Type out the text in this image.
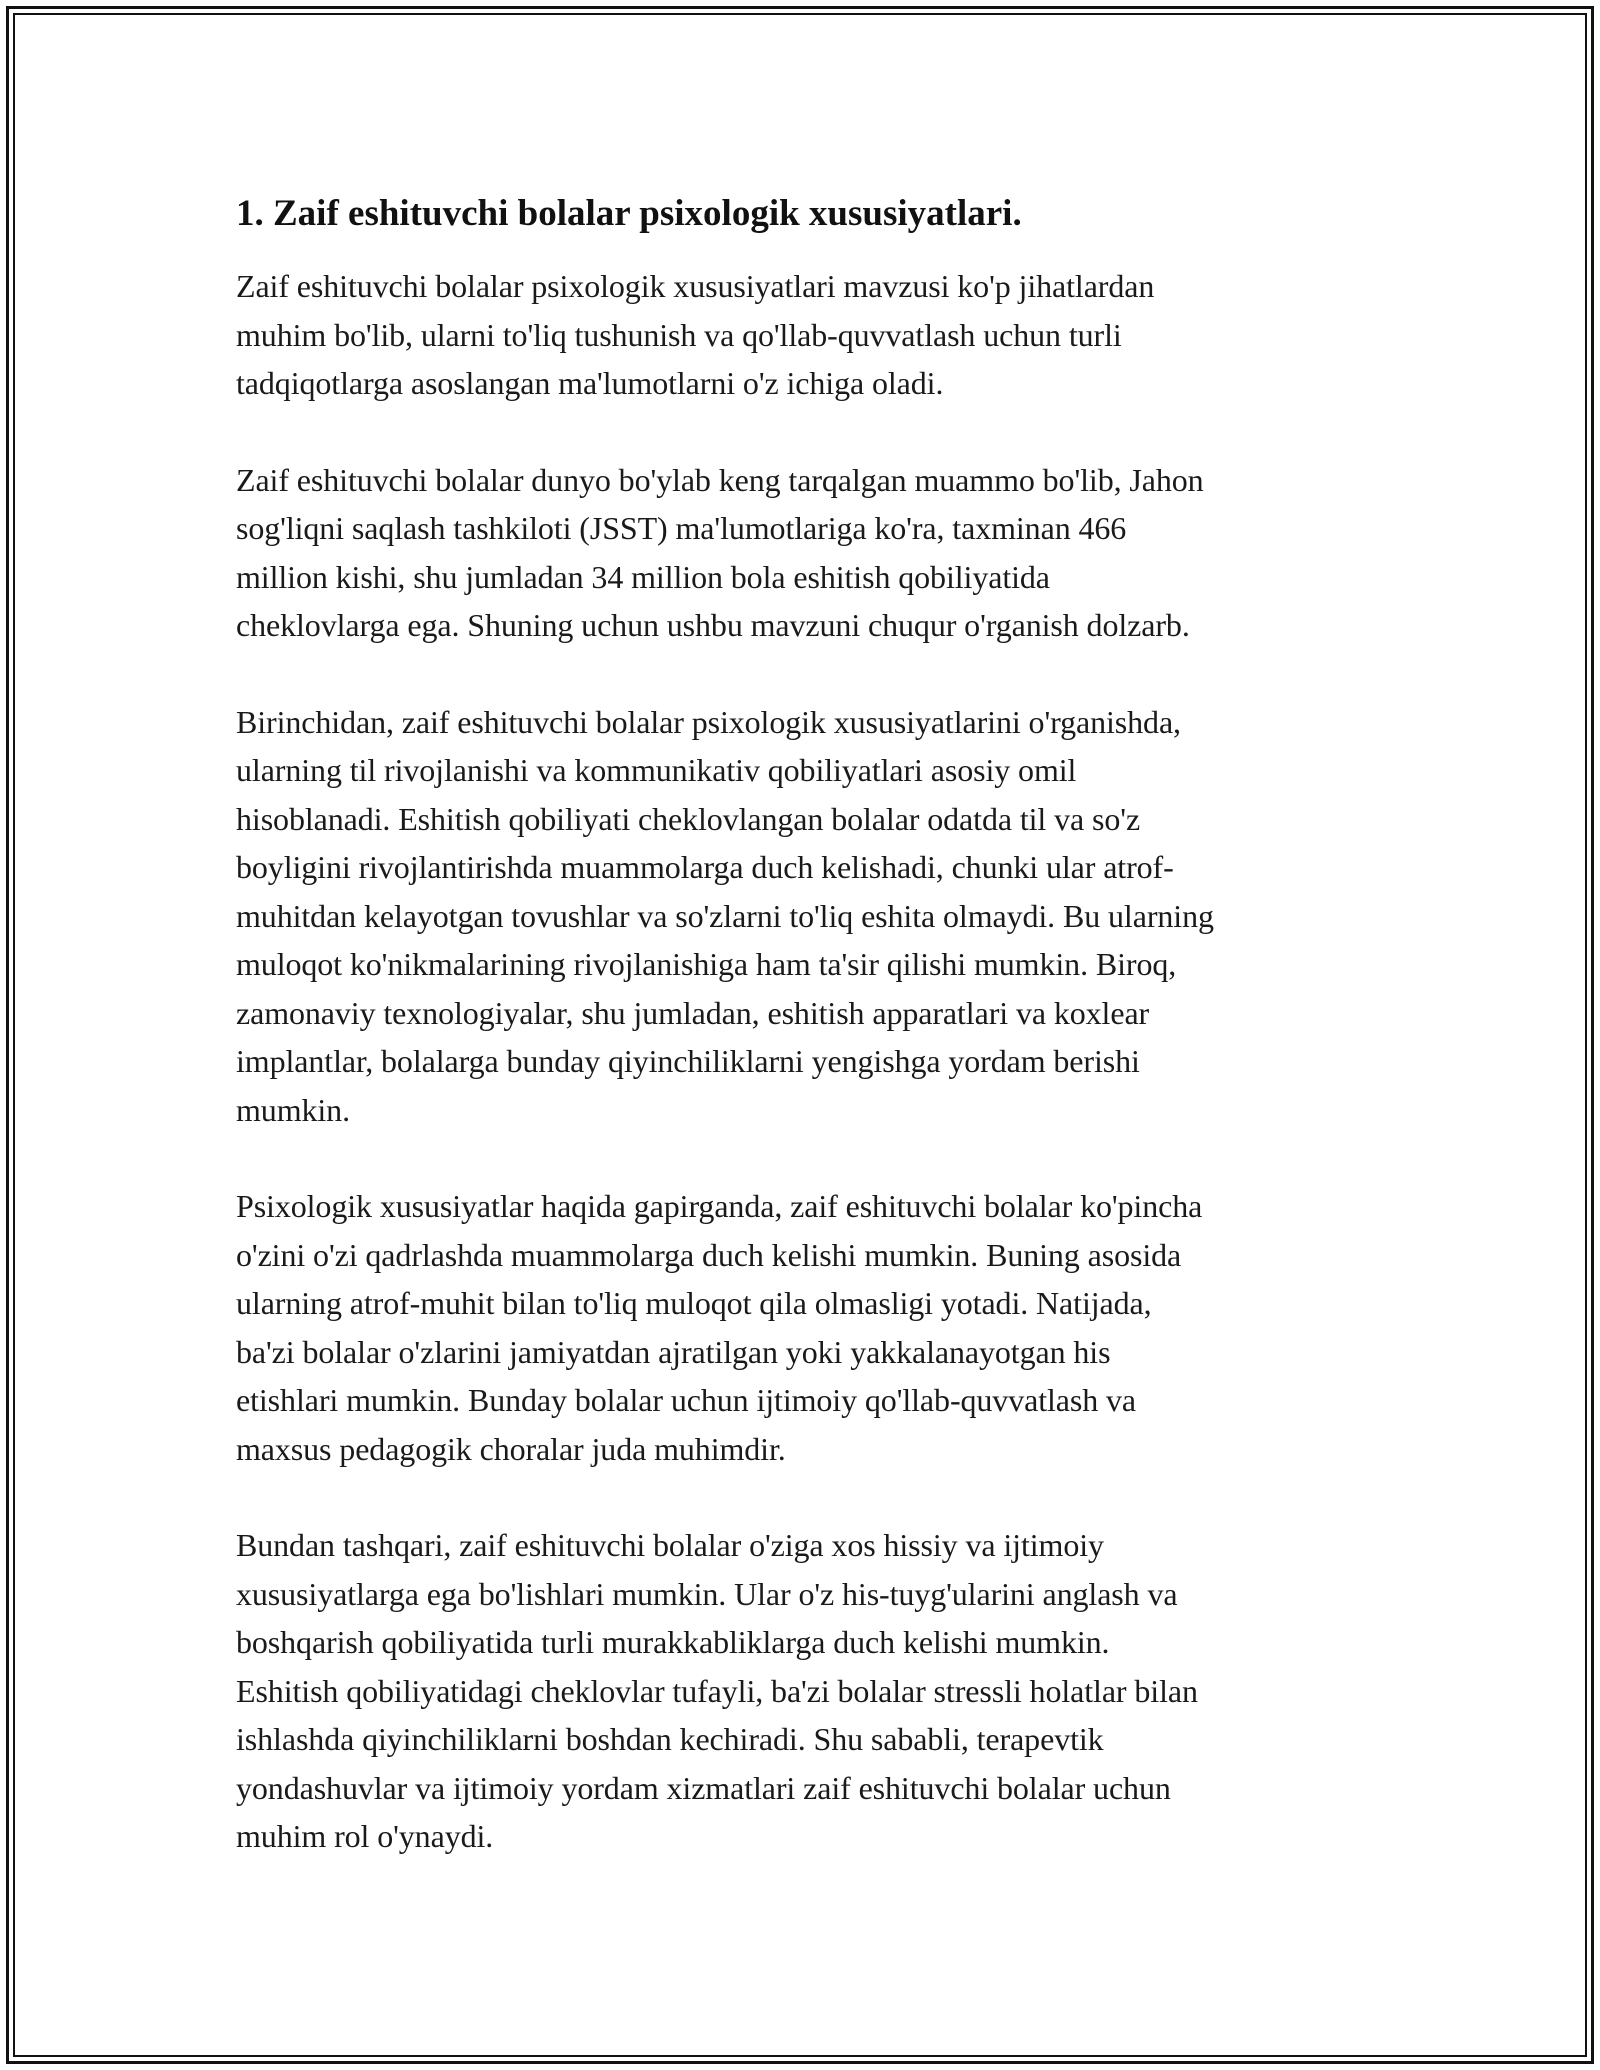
1. Zaif eshituvchi bolalar psixologik xususiyatlari.

Zaif eshituvchi bolalar psixologik xususiyatlari mavzusi ko'p jihatlardan
muhim bo'lib, ularni to'liq tushunish va qo'llab-quvvatlash uchun turli
tadqiqotlarga asoslangan ma'lumotlarni o'z ichiga oladi.

Zaif eshituvchi bolalar dunyo bo'ylab keng tarqalgan muammo bo'lib, Jahon
sog'liqni saqlash tashkiloti (JSST) ma'lumotlariga ko'ra, taxminan 466
million kishi, shu jumladan 34 million bola eshitish qobiliyatida
cheklovlarga ega. Shuning uchun ushbu mavzuni chuqur o'rganish dolzarb.

Birinchidan, zaif eshituvchi bolalar psixologik xususiyatlarini o'rganishda,
ularning til rivojlanishi va kommunikativ qobiliyatlari asosiy omil
hisoblanadi. Eshitish qobiliyati cheklovlangan bolalar odatda til va so'z
boyligini rivojlantirishda muammolarga duch kelishadi, chunki ular atrof-
muhitdan kelayotgan tovushlar va so'zlarni to'liq eshita olmaydi. Bu ularning
muloqot ko'nikmalarining rivojlanishiga ham ta'sir qilishi mumkin. Biroq,
zamonaviy texnologiyalar, shu jumladan, eshitish apparatlari va koxlear
implantlar, bolalarga bunday qiyinchiliklarni yengishga yordam berishi
mumkin.

Psixologik xususiyatlar haqida gapirganda, zaif eshituvchi bolalar ko'pincha
o'zini o'zi qadrlashda muammolarga duch kelishi mumkin. Buning asosida
ularning atrof-muhit bilan to'liq muloqot qila olmasligi yotadi. Natijada,
ba'zi bolalar o'zlarini jamiyatdan ajratilgan yoki yakkalanayotgan his
etishlari mumkin. Bunday bolalar uchun ijtimoiy qo'llab-quvvatlash va
maxsus pedagogik choralar juda muhimdir.

Bundan tashqari, zaif eshituvchi bolalar o'ziga xos hissiy va ijtimoiy
xususiyatlarga ega bo'lishlari mumkin. Ular o'z his-tuyg'ularini anglash va
boshqarish qobiliyatida turli murakkabliklarga duch kelishi mumkin.
Eshitish qobiliyatidagi cheklovlar tufayli, ba'zi bolalar stressli holatlar bilan
ishlashda qiyinchiliklarni boshdan kechiradi. Shu sababli, terapevtik
yondashuvlar va ijtimoiy yordam xizmatlari zaif eshituvchi bolalar uchun
muhim rol o'ynaydi.
